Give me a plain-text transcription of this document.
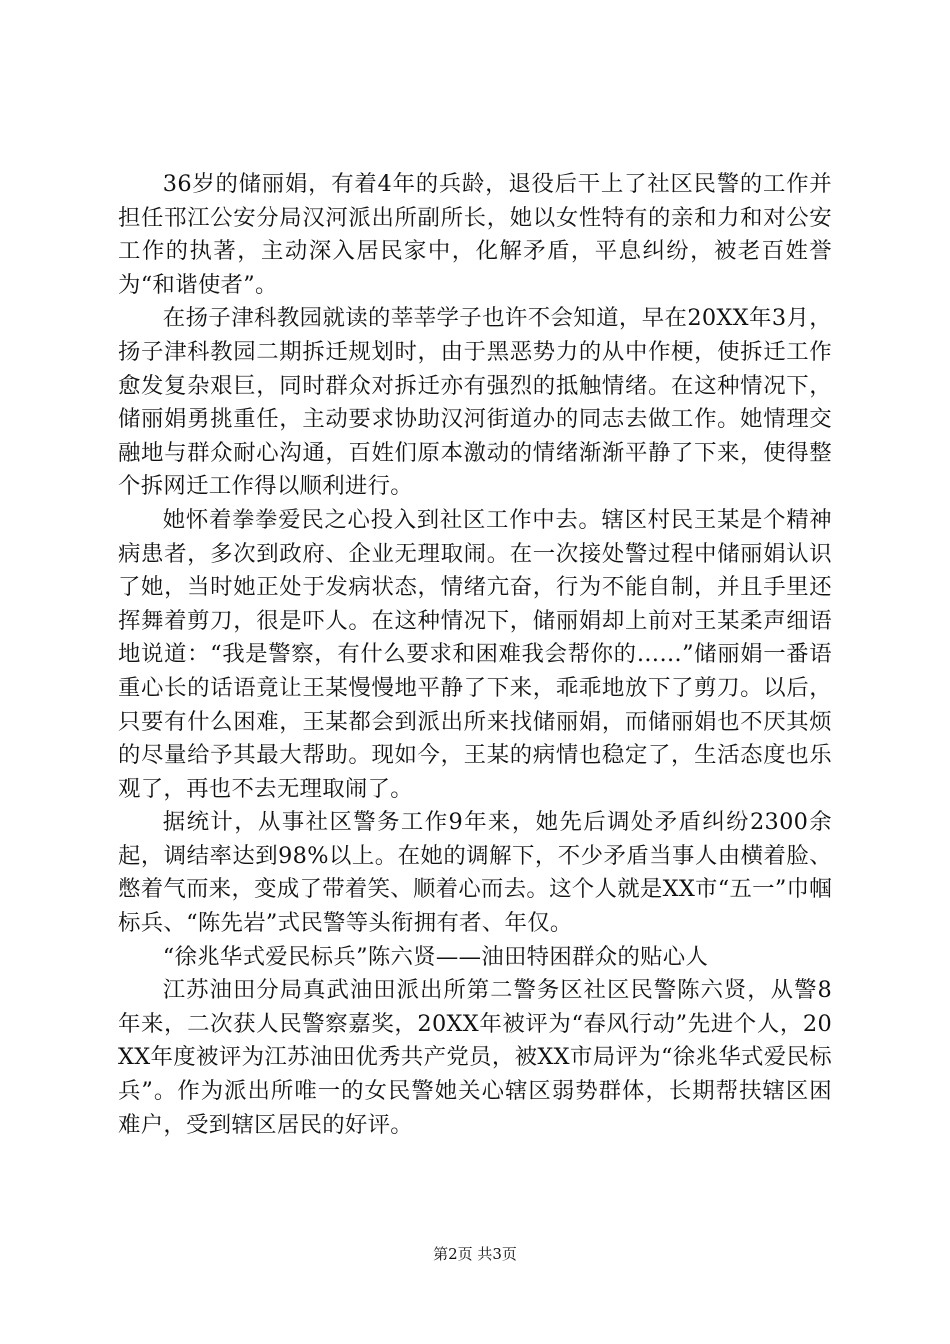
36岁的储丽娟，有着4年的兵龄，退役后干上了社区民警的工作并担任邗江公安分局汉河派出所副所长，她以女性特有的亲和力和对公安工作的执著，主动深入居民家中，化解矛盾，平息纠纷，被老百姓誉为“和谐使者”。

在扬子津科教园就读的莘莘学子也许不会知道，早在20XX年3月，扬子津科教园二期拆迁规划时，由于黑恶势力的从中作梗，使拆迁工作愈发复杂艰巨，同时群众对拆迁亦有强烈的抵触情绪。在这种情况下，储丽娟勇挑重任，主动要求协助汉河街道办的同志去做工作。她情理交融地与群众耐心沟通，百姓们原本激动的情绪渐渐平静了下来，使得整个拆网迁工作得以顺利进行。

她怀着拳拳爱民之心投入到社区工作中去。辖区村民王某是个精神病患者，多次到政府、企业无理取闹。在一次接处警过程中储丽娟认识了她，当时她正处于发病状态，情绪亢奋，行为不能自制，并且手里还挥舞着剪刀，很是吓人。在这种情况下，储丽娟却上前对王某柔声细语地说道：“我是警察，有什么要求和困难我会帮你的……”储丽娟一番语重心长的话语竟让王某慢慢地平静了下来，乖乖地放下了剪刀。以后，只要有什么困难，王某都会到派出所来找储丽娟，而储丽娟也不厌其烦的尽量给予其最大帮助。现如今，王某的病情也稳定了，生活态度也乐观了，再也不去无理取闹了。

据统计，从事社区警务工作9年来，她先后调处矛盾纠纷2300余起，调结率达到98%以上。在她的调解下，不少矛盾当事人由横着脸、憋着气而来，变成了带着笑、顺着心而去。这个人就是XX市“五一”巾帼标兵、“陈先岩”式民警等头衔拥有者、年仅。

“徐兆华式爱民标兵”陈六贤——油田特困群众的贴心人

江苏油田分局真武油田派出所第二警务区社区民警陈六贤，从警8年来，二次获人民警察嘉奖，20XX年被评为“春风行动”先进个人，20XX年度被评为江苏油田优秀共产党员，被XX市局评为“徐兆华式爱民标兵”。作为派出所唯一的女民警她关心辖区弱势群体，长期帮扶辖区困难户，受到辖区居民的好评。

第2页 共3页
